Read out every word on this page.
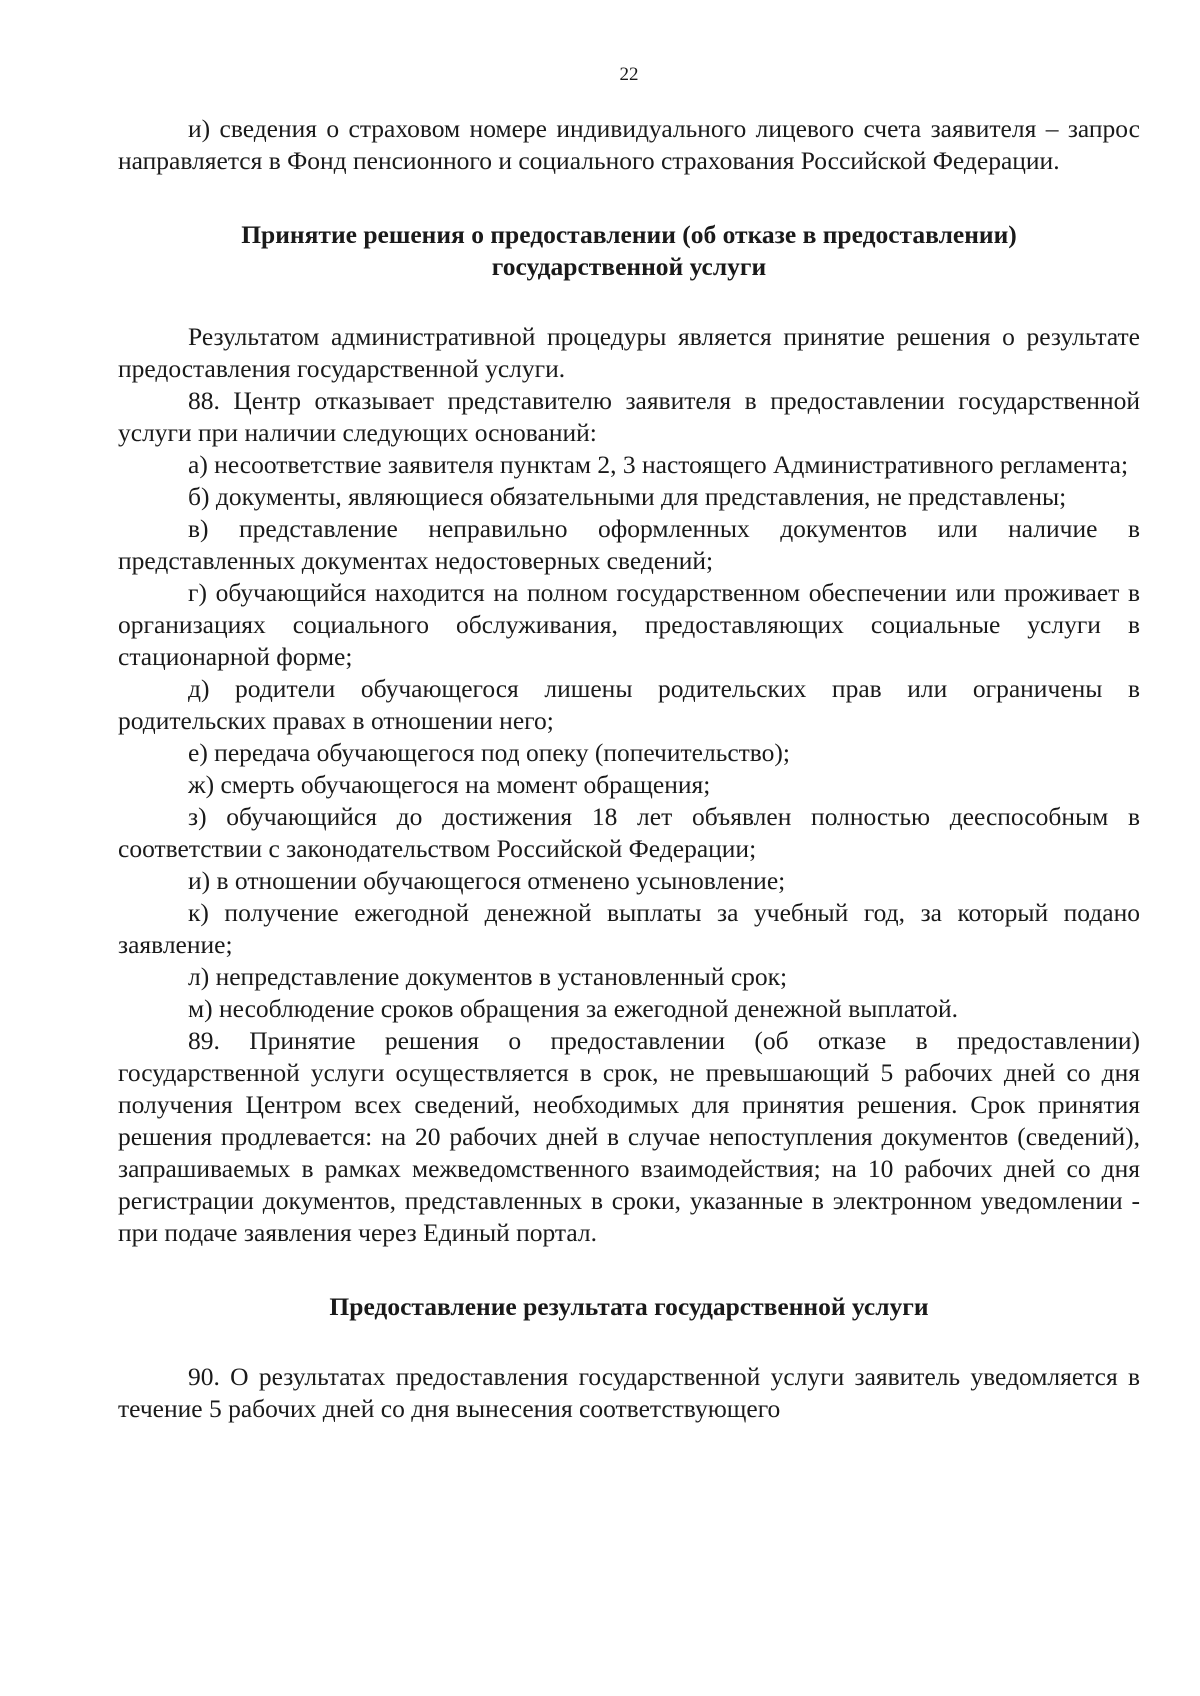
22

и) сведения о страховом номере индивидуального лицевого счета заявителя – запрос направляется в Фонд пенсионного и социального страхования Российской Федерации.

Принятие решения о предоставлении (об отказе в предоставлении)

государственной услуги

Результатом административной процедуры является принятие решения о результате предоставления государственной услуги.

88. Центр отказывает представителю заявителя в предоставлении государственной услуги при наличии следующих оснований:

а) несоответствие заявителя пунктам 2, 3 настоящего Административного регламента;

б) документы, являющиеся обязательными для представления, не представлены;

в) представление неправильно оформленных документов или наличие в представленных документах недостоверных сведений;

г) обучающийся находится на полном государственном обеспечении или проживает в организациях социального обслуживания, предоставляющих социальные услуги в стационарной форме;

д) родители обучающегося лишены родительских прав или ограничены в родительских правах в отношении него;

е) передача обучающегося под опеку (попечительство);

ж) смерть обучающегося на момент обращения;

з) обучающийся до достижения 18 лет объявлен полностью дееспособным в соответствии с законодательством Российской Федерации;

и) в отношении обучающегося отменено усыновление;

к) получение ежегодной денежной выплаты за учебный год, за который подано заявление;

л) непредставление документов в установленный срок;

м) несоблюдение сроков обращения за ежегодной денежной выплатой.

89. Принятие решения о предоставлении (об отказе в предоставлении) государственной услуги осуществляется в срок, не превышающий 5 рабочих дней со дня получения Центром всех сведений, необходимых для принятия решения. Срок принятия решения продлевается: на 20 рабочих дней в случае непоступления документов (сведений), запрашиваемых в рамках межведомственного взаимодействия; на 10 рабочих дней со дня регистрации документов, представленных в сроки, указанные в электронном уведомлении - при подаче заявления через Единый портал.

Предоставление результата государственной услуги

90. О результатах предоставления государственной услуги заявитель уведомляется в течение 5 рабочих дней со дня вынесения соответствующего
